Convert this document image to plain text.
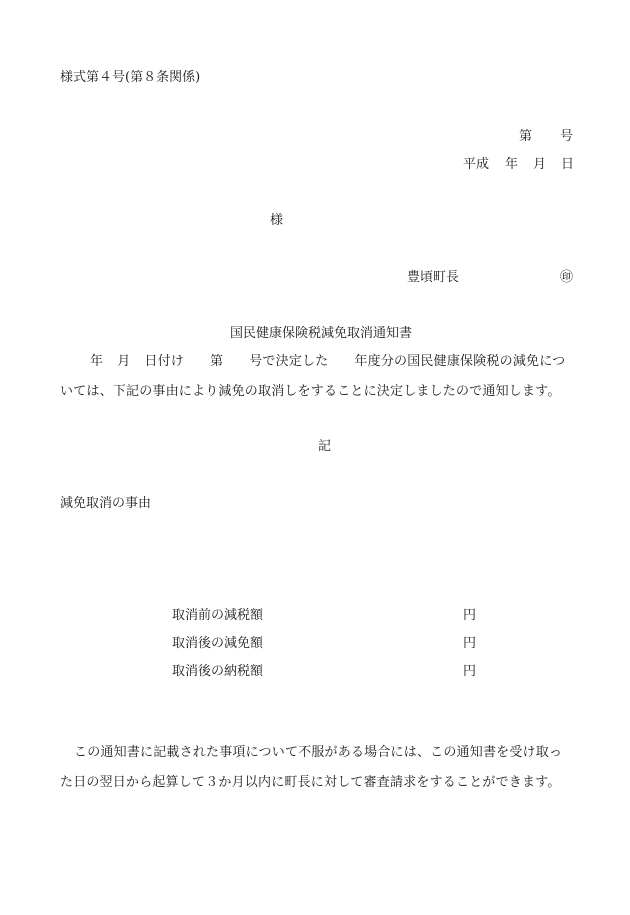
様式第４号(第８条関係)
第 号
平成 年 月 日
様
豊頃町長	㊞
国民健康保険税減免取消通知書
年 月 日付け 第 号で決定した 年度分の国民健康保険税の減免につ
いては、下記の事由により減免の取消しをすることに決定しましたので通知します。
記
減免取消の事由
取消前の減税額	円
取消後の減免額	円
取消後の納税額	円
この通知書に記載された事項について不服がある場合には、この通知書を受け取っ
た日の翌日から起算して３か月以内に町長に対して審査請求をすることができます。
